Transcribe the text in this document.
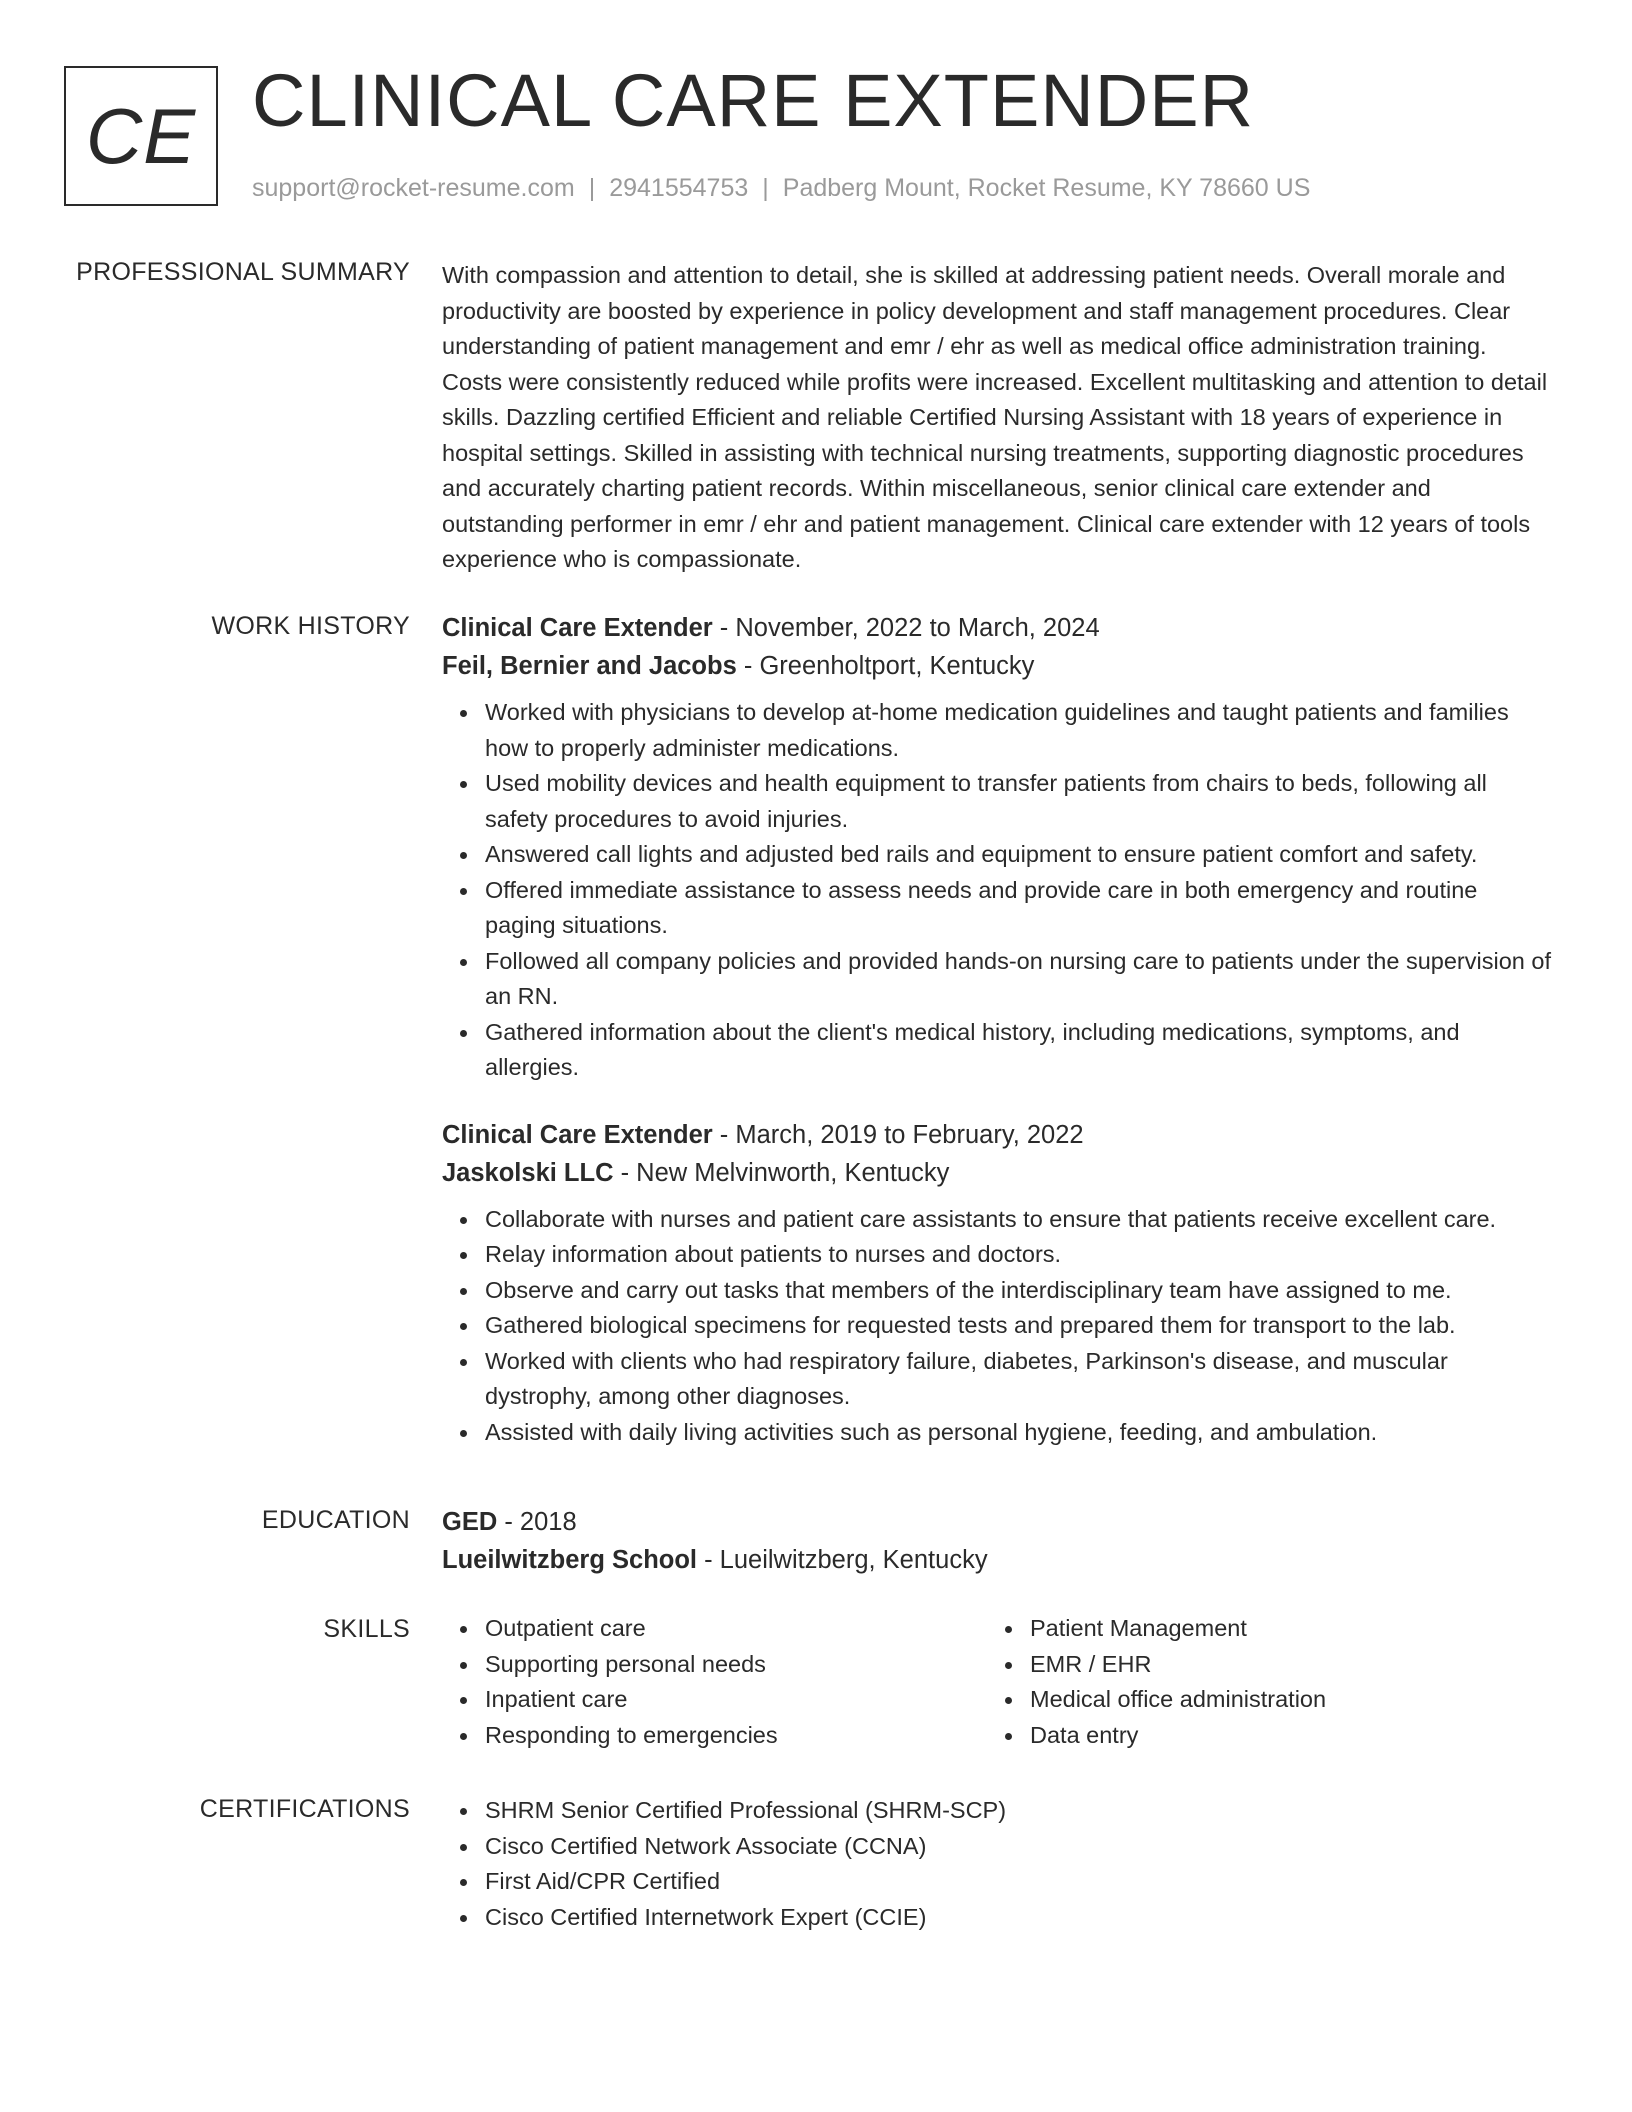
CE CLINICAL CARE EXTENDER
support@rocket-resume.com | 2941554753 | Padberg Mount, Rocket Resume, KY 78660 US
PROFESSIONAL SUMMARY With compassion and attention to detail, she is skilled at addressing patient needs. Overall morale and productivity are boosted by experience in policy development and staff management procedures. Clear understanding of patient management and emr / ehr as well as medical office administration training. Costs were consistently reduced while profits were increased. Excellent multitasking and attention to detail skills. Dazzling certified Efficient and reliable Certified Nursing Assistant with 18 years of experience in hospital settings. Skilled in assisting with technical nursing treatments, supporting diagnostic procedures and accurately charting patient records. Within miscellaneous, senior clinical care extender and outstanding performer in emr / ehr and patient management. Clinical care extender with 12 years of tools experience who is compassionate.

WORK HISTORY Clinical Care Extender - November, 2022 to March, 2024
Feil, Bernier and Jacobs - Greenholtport, Kentucky
Worked with physicians to develop at-home medication guidelines and taught patients and families how to properly administer medications.
Used mobility devices and health equipment to transfer patients from chairs to beds, following all safety procedures to avoid injuries.
Answered call lights and adjusted bed rails and equipment to ensure patient comfort and safety.
Offered immediate assistance to assess needs and provide care in both emergency and routine paging situations.
Followed all company policies and provided hands-on nursing care to patients under the supervision of an RN.
Gathered information about the client's medical history, including medications, symptoms, and allergies.
Clinical Care Extender - March, 2019 to February, 2022
Jaskolski LLC - New Melvinworth, Kentucky
Collaborate with nurses and patient care assistants to ensure that patients receive excellent care.
Relay information about patients to nurses and doctors.
Observe and carry out tasks that members of the interdisciplinary team have assigned to me.
Gathered biological specimens for requested tests and prepared them for transport to the lab.
Worked with clients who had respiratory failure, diabetes, Parkinson's disease, and muscular dystrophy, among other diagnoses.
Assisted with daily living activities such as personal hygiene, feeding, and ambulation.
EDUCATION GED - 2018
Lueilwitzberg School - Lueilwitzberg, Kentucky
SKILLS	Outpatient care
Supporting personal needs
Inpatient care
Responding to emergencies
Patient Management
EMR / EHR
Medical office administration
Data entry
CERTIFICATIONS	SHRM Senior Certified Professional (SHRM-SCP)
Cisco Certified Network Associate (CCNA)
First Aid/CPR Certified
Cisco Certified Internetwork Expert (CCIE)
